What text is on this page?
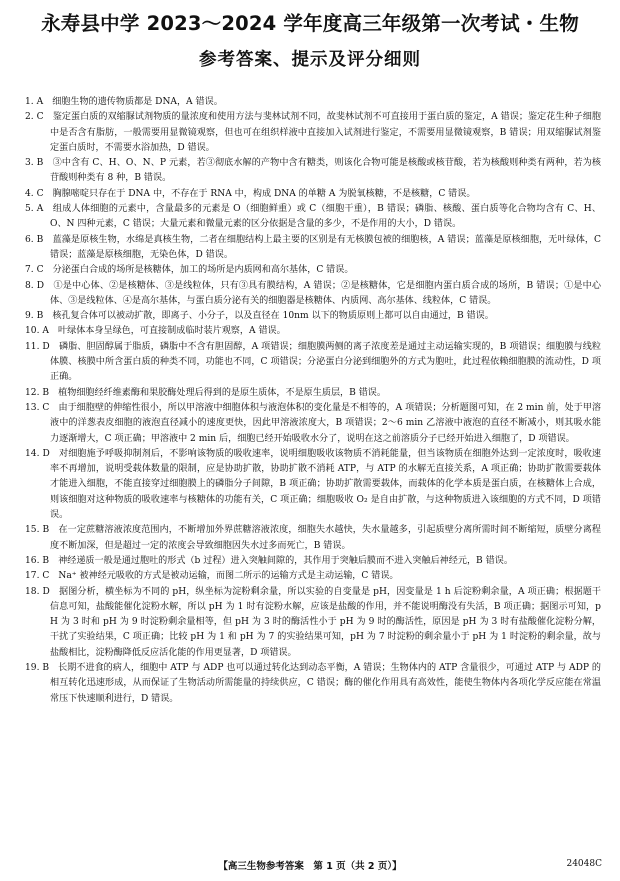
永寿县中学 2023～2024 学年度高三年级第一次考试・生物
参考答案、提示及评分细则

1. A　细胞生物的遗传物质都是 DNA，A 错误。

2. C　鉴定蛋白质的双缩脲试剂物质的量浓度和使用方法与斐林试剂不同，故斐林试剂不可直接用于蛋白质的鉴定，A 错误；鉴定花生种子细胞中是否含有脂肪，一般需要用显微镜观察，但也可在组织样液中直接加入试剂进行鉴定，不需要用显微镜观察，B 错误；用双缩脲试剂鉴定蛋白质时，不需要水浴加热，D 错误。

3. B　③中含有 C、H、O、N、P 元素，若③彻底水解的产物中含有糖类，则该化合物可能是核酸或核苷酸，若为核酸则种类有两种，若为核苷酸则种类有 8 种，B 错误。

4. C　胸腺嘧啶只存在于 DNA 中，不存在于 RNA 中，构成 DNA 的单糖 A 为脱氧核糖，不是核糖，C 错误。

5. A　组成人体细胞的元素中，含量最多的元素是 O（细胞鲜重）或 C（细胞干重），B 错误；磷脂、核酸、蛋白质等化合物均含有 C、H、O、N 四种元素，C 错误；大量元素和微量元素的区分依据是含量的多少，不是作用的大小，D 错误。

6. B　蓝藻是原核生物，水绵是真核生物，二者在细胞结构上最主要的区别是有无核膜包被的细胞核，A 错误；蓝藻是原核细胞，无叶绿体，C 错误；蓝藻是原核细胞，无染色体，D 错误。

7. C　分泌蛋白合成的场所是核糖体，加工的场所是内质网和高尔基体，C 错误。

8. D　①是中心体、②是核糖体、③是线粒体，只有③具有膜结构，A 错误；②是核糖体，它是细胞内蛋白质合成的场所，B 错误；①是中心体、③是线粒体、④是高尔基体，与蛋白质分泌有关的细胞器是核糖体、内质网、高尔基体、线粒体，C 错误。

9. B　核孔复合体可以被动扩散，即离子、小分子，以及直径在 10nm 以下的物质原则上都可以自由通过，B 错误。

10. A　叶绿体本身呈绿色，可直接制成临时装片观察，A 错误。

11. D　磷脂、胆固醇属于脂质，磷脂中不含有胆固醇，A 项错误；细胞膜两侧的离子浓度差是通过主动运输实现的，B 项错误；细胞膜与线粒体膜、核膜中所含蛋白质的种类不同，功能也不同，C 项错误；分泌蛋白分泌到细胞外的方式为胞吐，此过程依赖细胞膜的流动性，D 项正确。

12. B　植物细胞经纤维素酶和果胶酶处理后得到的是原生质体，不是原生质层，B 错误。

13. C　由于细胞壁的伸缩性很小，所以甲溶液中细胞体积与液泡体积的变化量是不相等的，A 项错误；分析题图可知，在 2 min 前，处于甲溶液中的洋葱表皮细胞的液泡直径减小的速度更快，因此甲溶液浓度大，B 项错误；2～6 min 乙溶液中液泡的直径不断减小，则其吸水能力逐渐增大，C 项正确；甲溶液中 2 min 后，细胞已经开始吸收水分了，说明在这之前溶质分子已经开始进入细胞了，D 项错误。

14. D　对细胞施予呼吸抑制剂后，不影响该物质的吸收速率，说明细胞吸收该物质不消耗能量，但当该物质在细胞外达到一定浓度时，吸收速率不再增加，说明受载体数量的限制，应是协助扩散，协助扩散不消耗 ATP，与 ATP 的水解无直接关系，A 项正确；协助扩散需要载体才能进入细胞，不能直接穿过细胞膜上的磷脂分子间隙，B 项正确；协助扩散需要载体，而载体的化学本质是蛋白质，在核糖体上合成，则该细胞对这种物质的吸收速率与核糖体的功能有关，C 项正确；细胞吸收 O₂ 是自由扩散，与这种物质进入该细胞的方式不同，D 项错误。

15. B　在一定蔗糖溶液浓度范围内，不断增加外界蔗糖溶液浓度，细胞失水越快，失水量越多，引起质壁分离所需时间不断缩短，质壁分离程度不断加深，但是超过一定的浓度会导致细胞因失水过多而死亡，B 错误。

16. B　神经递质一般是通过胞吐的形式（b 过程）进入突触间隙的，其作用于突触后膜而不进入突触后神经元，B 错误。

17. C　Na⁺ 被神经元吸收的方式是被动运输，而图二所示的运输方式是主动运输，C 错误。

18. D　据图分析，横坐标为不同的 pH，纵坐标为淀粉剩余量，所以实验的自变量是 pH，因变量是 1 h 后淀粉剩余量，A 项正确；根据题干信息可知，盐酸能催化淀粉水解，所以 pH 为 1 时有淀粉水解，应该是盐酸的作用，并不能说明酶没有失活，B 项正确；据图示可知，pH 为 3 时和 pH 为 9 时淀粉剩余量相等，但 pH 为 3 时的酶活性小于 pH 为 9 时的酶活性，原因是 pH 为 3 时有盐酸催化淀粉分解，干扰了实验结果，C 项正确；比较 pH 为 1 和 pH 为 7 的实验结果可知，pH 为 7 时淀粉的剩余量小于 pH 为 1 时淀粉的剩余量，故与盐酸相比，淀粉酶降低反应活化能的作用更显著，D 项错误。

19. B　长期不进食的病人，细胞中 ATP 与 ADP 也可以通过转化达到动态平衡，A 错误；生物体内的 ATP 含量很少，可通过 ATP 与 ADP 的相互转化迅速形成，从而保证了生物活动所需能量的持续供应，C 错误；酶的催化作用具有高效性，能使生物体内各项化学反应能在常温常压下快速顺利进行，D 错误。

【高三生物参考答案　第 1 页（共 2 页）】	24048C
